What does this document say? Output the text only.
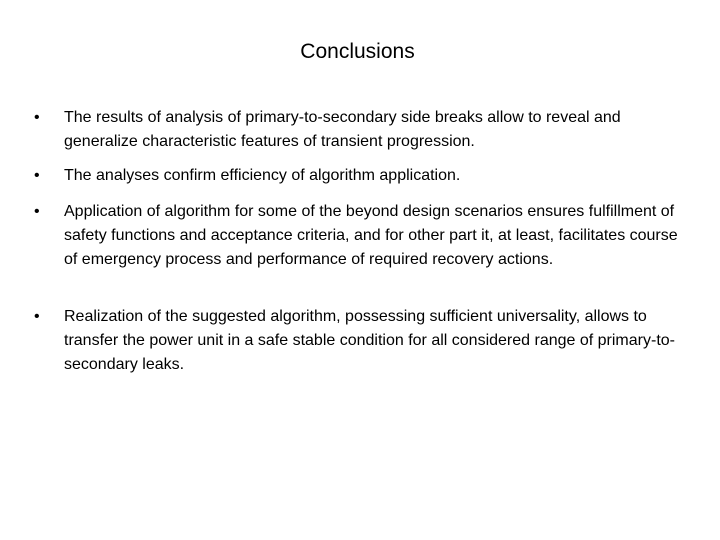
Conclusions
•	The results of analysis of primary-to-secondary side breaks allow to reveal and generalize characteristic features of transient progression.
•	The analyses confirm efficiency of algorithm application.
•	Application of algorithm for some of the beyond design scenarios ensures fulfillment of safety functions and acceptance criteria, and for other part it, at least, facilitates course of emergency process and performance of required recovery actions.
•	Realization of the suggested algorithm, possessing sufficient universality, allows to transfer the power unit in a safe stable condition for all considered range of primary-to-secondary leaks.
